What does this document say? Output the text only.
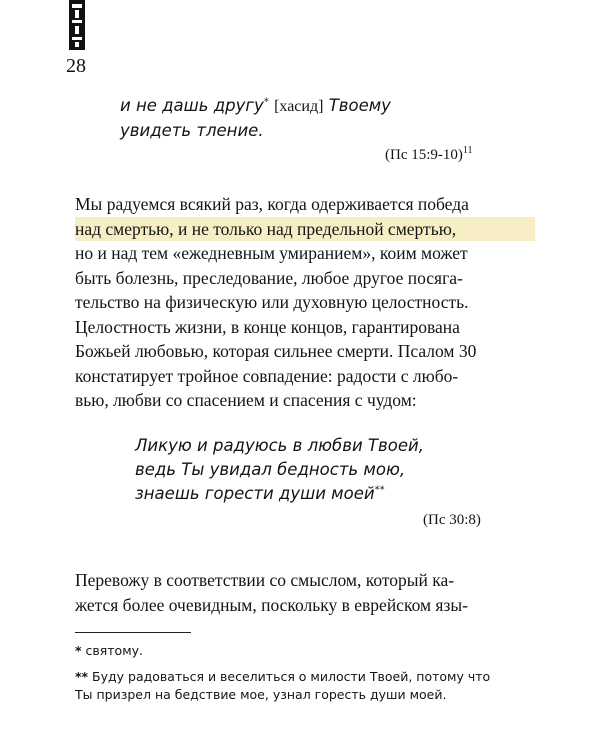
28
и не дашь другу* [хасид] Твоему
увидеть тление.
(Пс 15:9-10)$^{11}$
Мы радуемся всякий раз, когда одерживается победа
над смертью, и не только над предельной смертью,
но и над тем «ежедневным умиранием», коим может
быть болезнь, преследование, любое другое посяга-
тельство на физическую или духовную целостность.
Целостность жизни, в конце концов, гарантирована
Божьей любовью, которая сильнее смерти. Псалом 30
констатирует тройное совпадение: радости с любо-
вью, любви со спасением и спасения с чудом:
Ликую и радуюсь в любви Твоей,
ведь Ты увидал бедность мою,
знаешь горести души моей**
(Пс 30:8)
Перевожу в соответствии со смыслом, который ка-
жется более очевидным, поскольку в еврейском язы-
* святому.
** Буду радоваться и веселиться о милости Твоей, потому что
Ты призрел на бедствие мое, узнал горесть души моей.
